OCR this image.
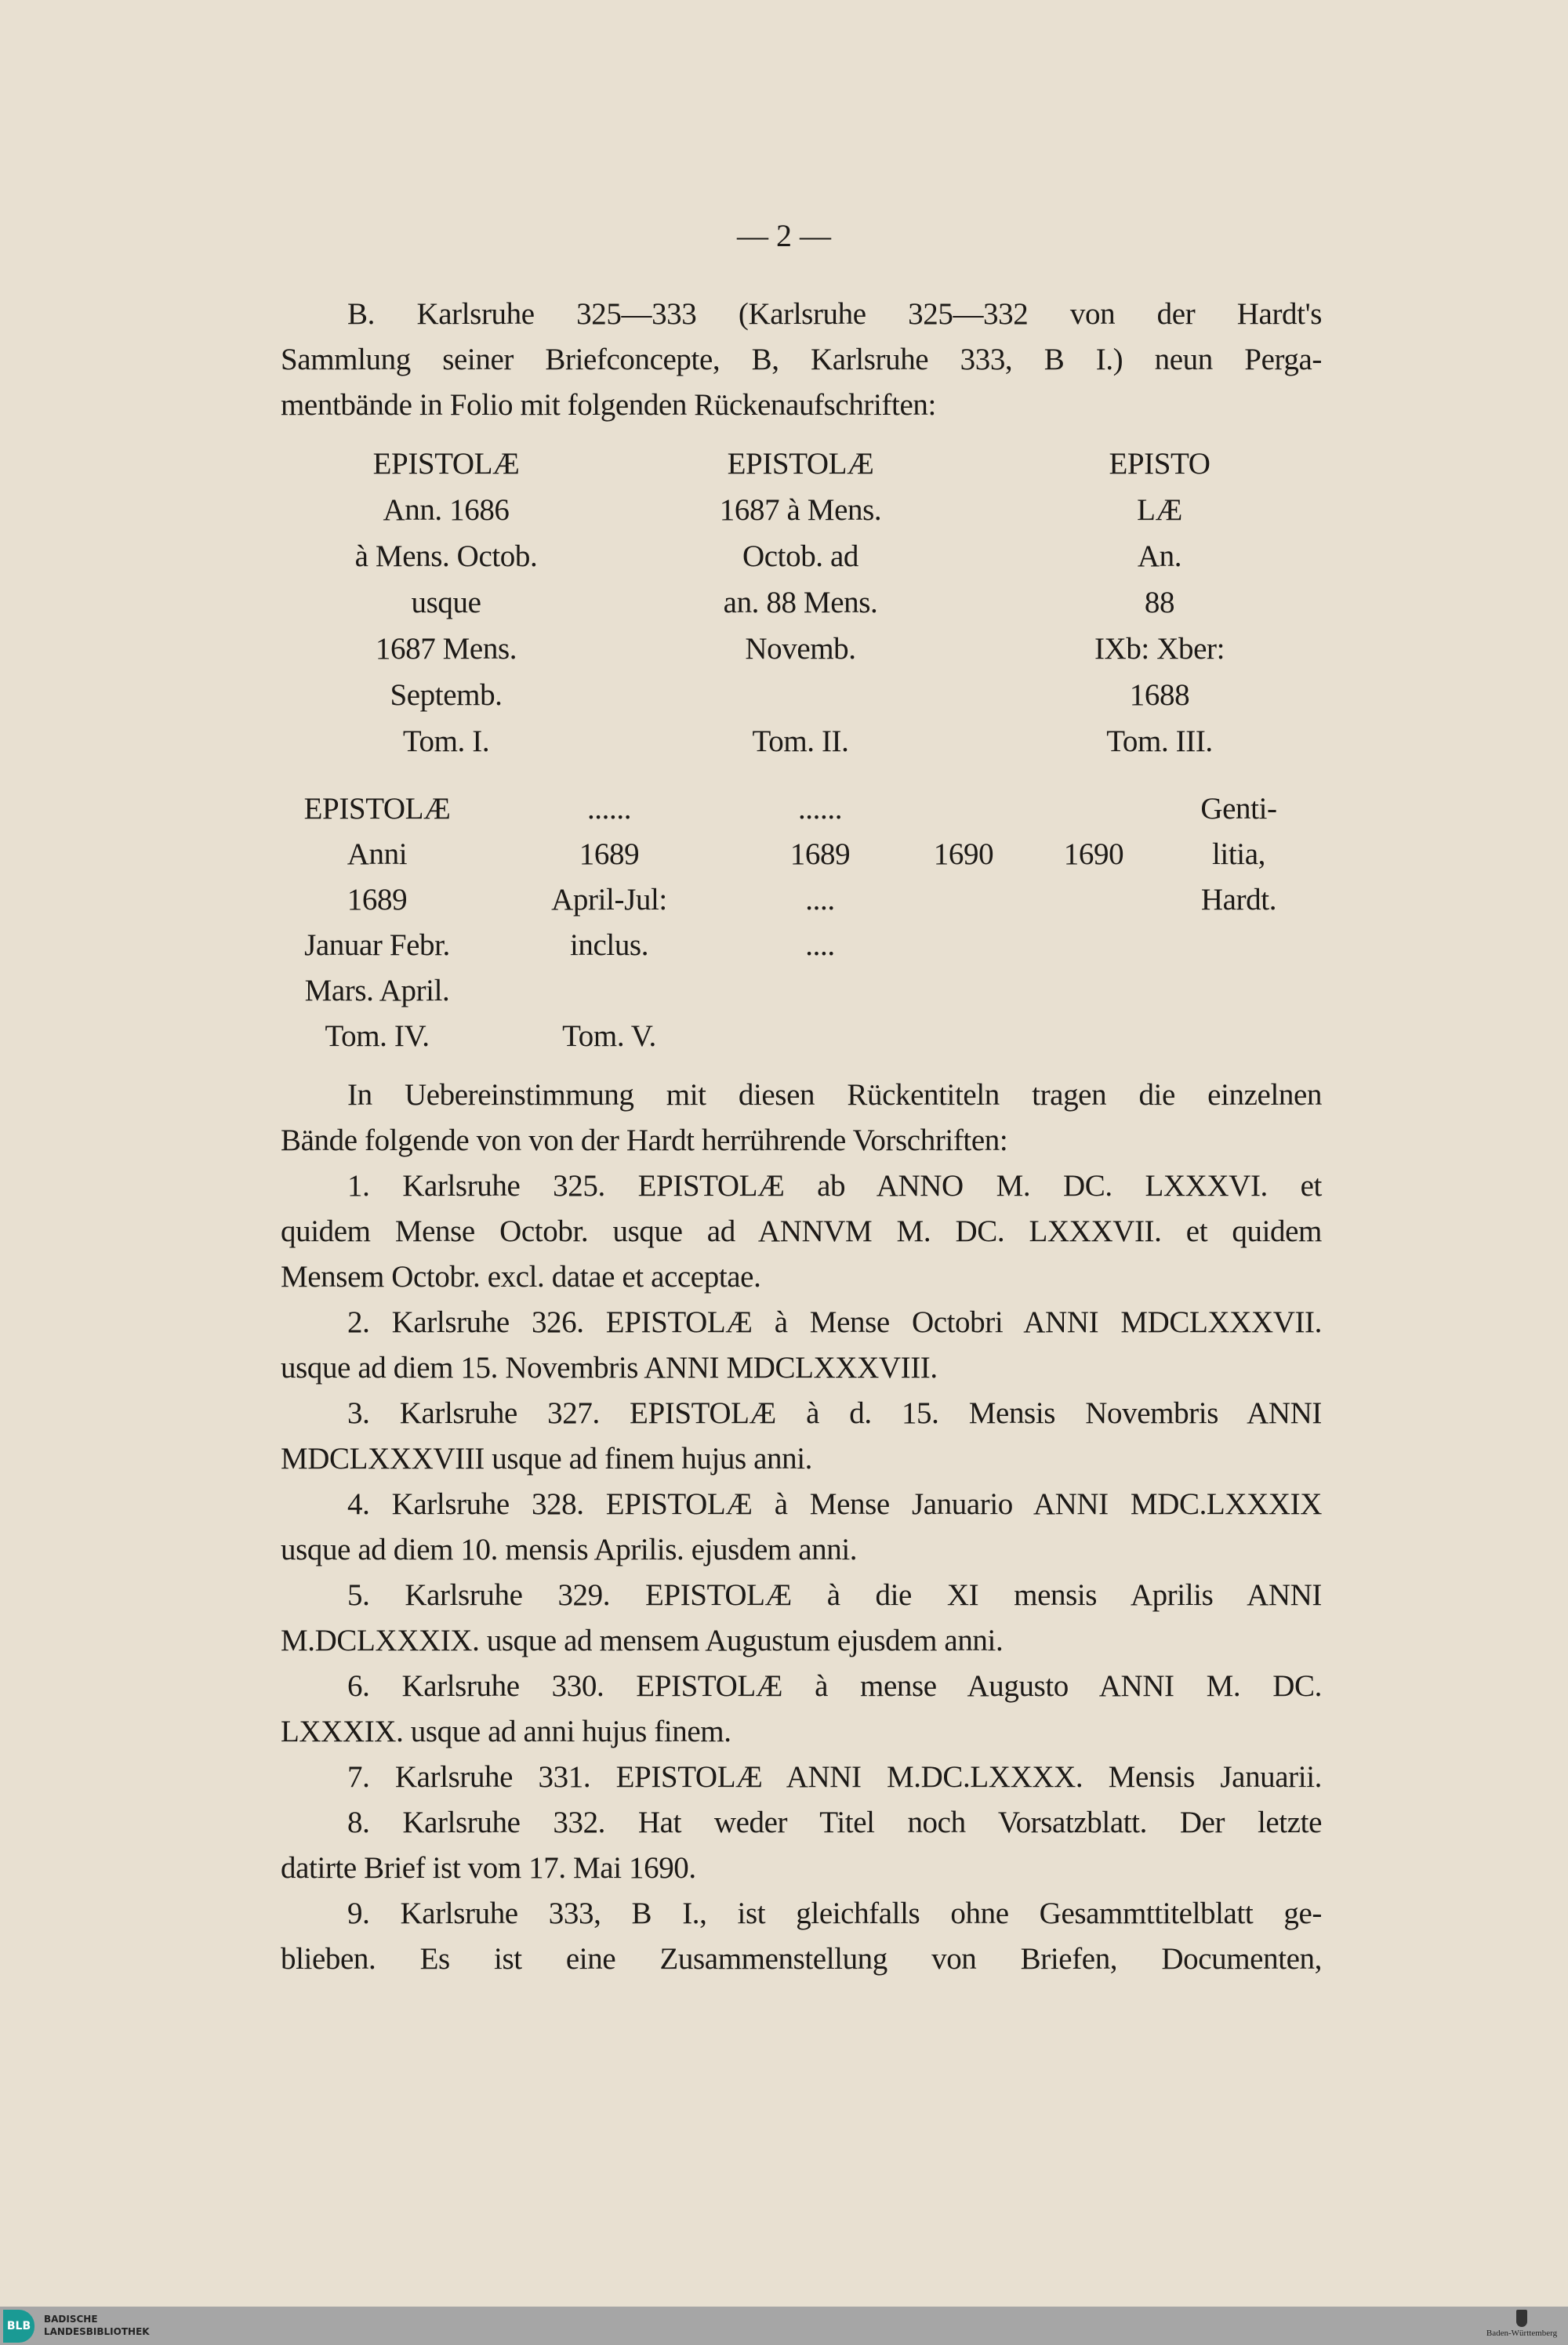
— 2 —
B. Karlsruhe 325—333 (Karlsruhe 325—332 von der Hardt's
Sammlung seiner Briefconcepte, B, Karlsruhe 333, B I.) neun Perga-
mentbände in Folio mit folgenden Rückenaufschriften:
EPISTOLÆ
Ann. 1686
à Mens. Octob.
usque
1687 Mens.
Septemb.
Tom. I.
EPISTOLÆ
1687 à Mens.
Octob. ad
an. 88 Mens.
Novemb.
Tom. II.
EPISTO
LÆ
An.
88
IXb: Xber:
1688
Tom. III.
EPISTOLÆ
Anni
1689
Januar Febr.
Mars. April.
Tom. IV.
......
1689
April-Jul:
inclus.
Tom. V.
......
1689
....
....
1690	1690
Genti-
litia,
Hardt.
In Uebereinstimmung mit diesen Rückentiteln tragen die einzelnen
Bände folgende von von der Hardt herrührende Vorschriften:
1. Karlsruhe 325. EPISTOLÆ ab ANNO M. DC. LXXXVI. et
quidem Mense Octobr. usque ad ANNVM M. DC. LXXXVII. et quidem
Mensem Octobr. excl. datae et acceptae.
2. Karlsruhe 326. EPISTOLÆ à Mense Octobri ANNI MDCLXXXVII.
usque ad diem 15. Novembris ANNI MDCLXXXVIII.
3. Karlsruhe 327. EPISTOLÆ à d. 15. Mensis Novembris ANNI
MDCLXXXVIII usque ad finem hujus anni.
4. Karlsruhe 328. EPISTOLÆ à Mense Januario ANNI MDC.LXXXIX
usque ad diem 10. mensis Aprilis. ejusdem anni.
5. Karlsruhe 329. EPISTOLÆ à die XI mensis Aprilis ANNI
M.DCLXXXIX. usque ad mensem Augustum ejusdem anni.
6. Karlsruhe 330. EPISTOLÆ à mense Augusto ANNI M. DC.
LXXXIX. usque ad anni hujus finem.
7. Karlsruhe 331. EPISTOLÆ ANNI M.DC.LXXXX. Mensis Januarii.
8. Karlsruhe 332. Hat weder Titel noch Vorsatzblatt. Der letzte
datirte Brief ist vom 17. Mai 1690.
9. Karlsruhe 333, B I., ist gleichfalls ohne Gesammttitelblatt ge-
blieben. Es ist eine Zusammenstellung von Briefen, Documenten,
BLB
BADISCHE
LANDESBIBLIOTHEK	Baden-Württemberg
